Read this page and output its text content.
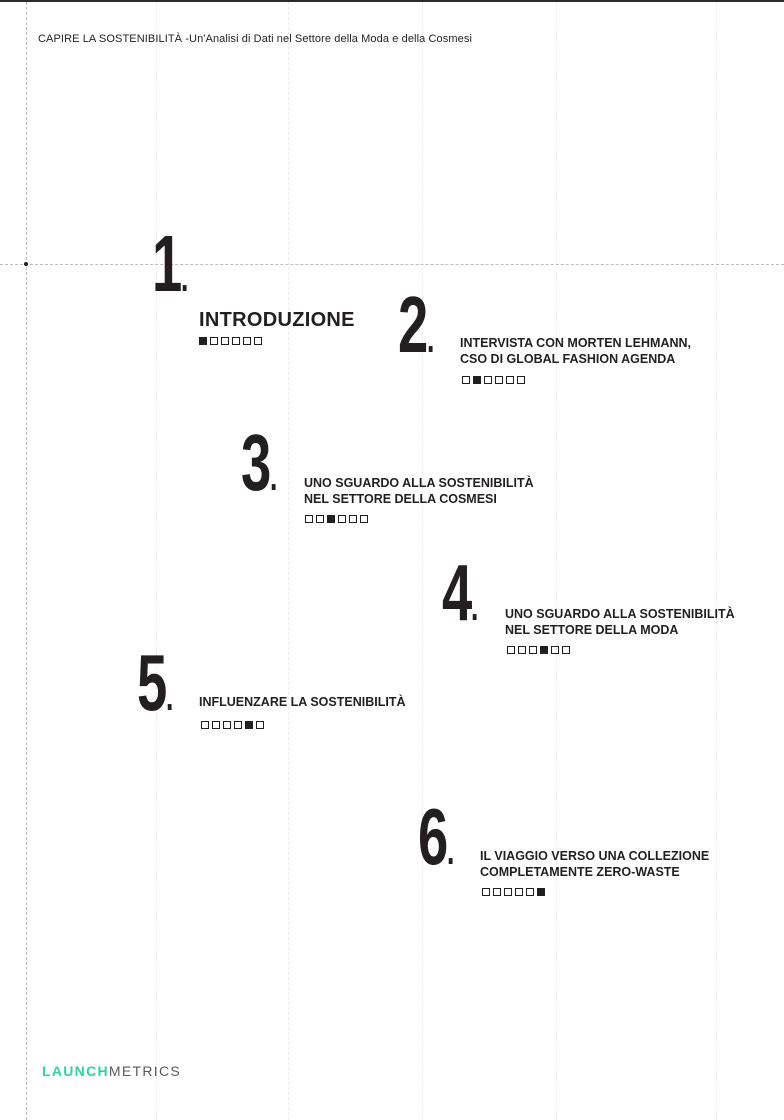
CAPIRE LA SOSTENIBILITÀ -Un'Analisi di Dati nel Settore della Moda e della Cosmesi
1.
INTRODUZIONE 2. INTERVISTA CON MORTEN LEHMANN,
CSO DI GLOBAL FASHION AGENDA
3. UNO SGUARDO ALLA SOSTENIBILITÀ
NEL SETTORE DELLA COSMESI
4. UNO SGUARDO ALLA SOSTENIBILITÀ
NEL SETTORE DELLA MODA
5. INFLUENZARE LA SOSTENIBILITÀ
6. IL VIAGGIO VERSO UNA COLLEZIONE
COMPLETAMENTE ZERO-WASTE
LAUNCHMETRICS
